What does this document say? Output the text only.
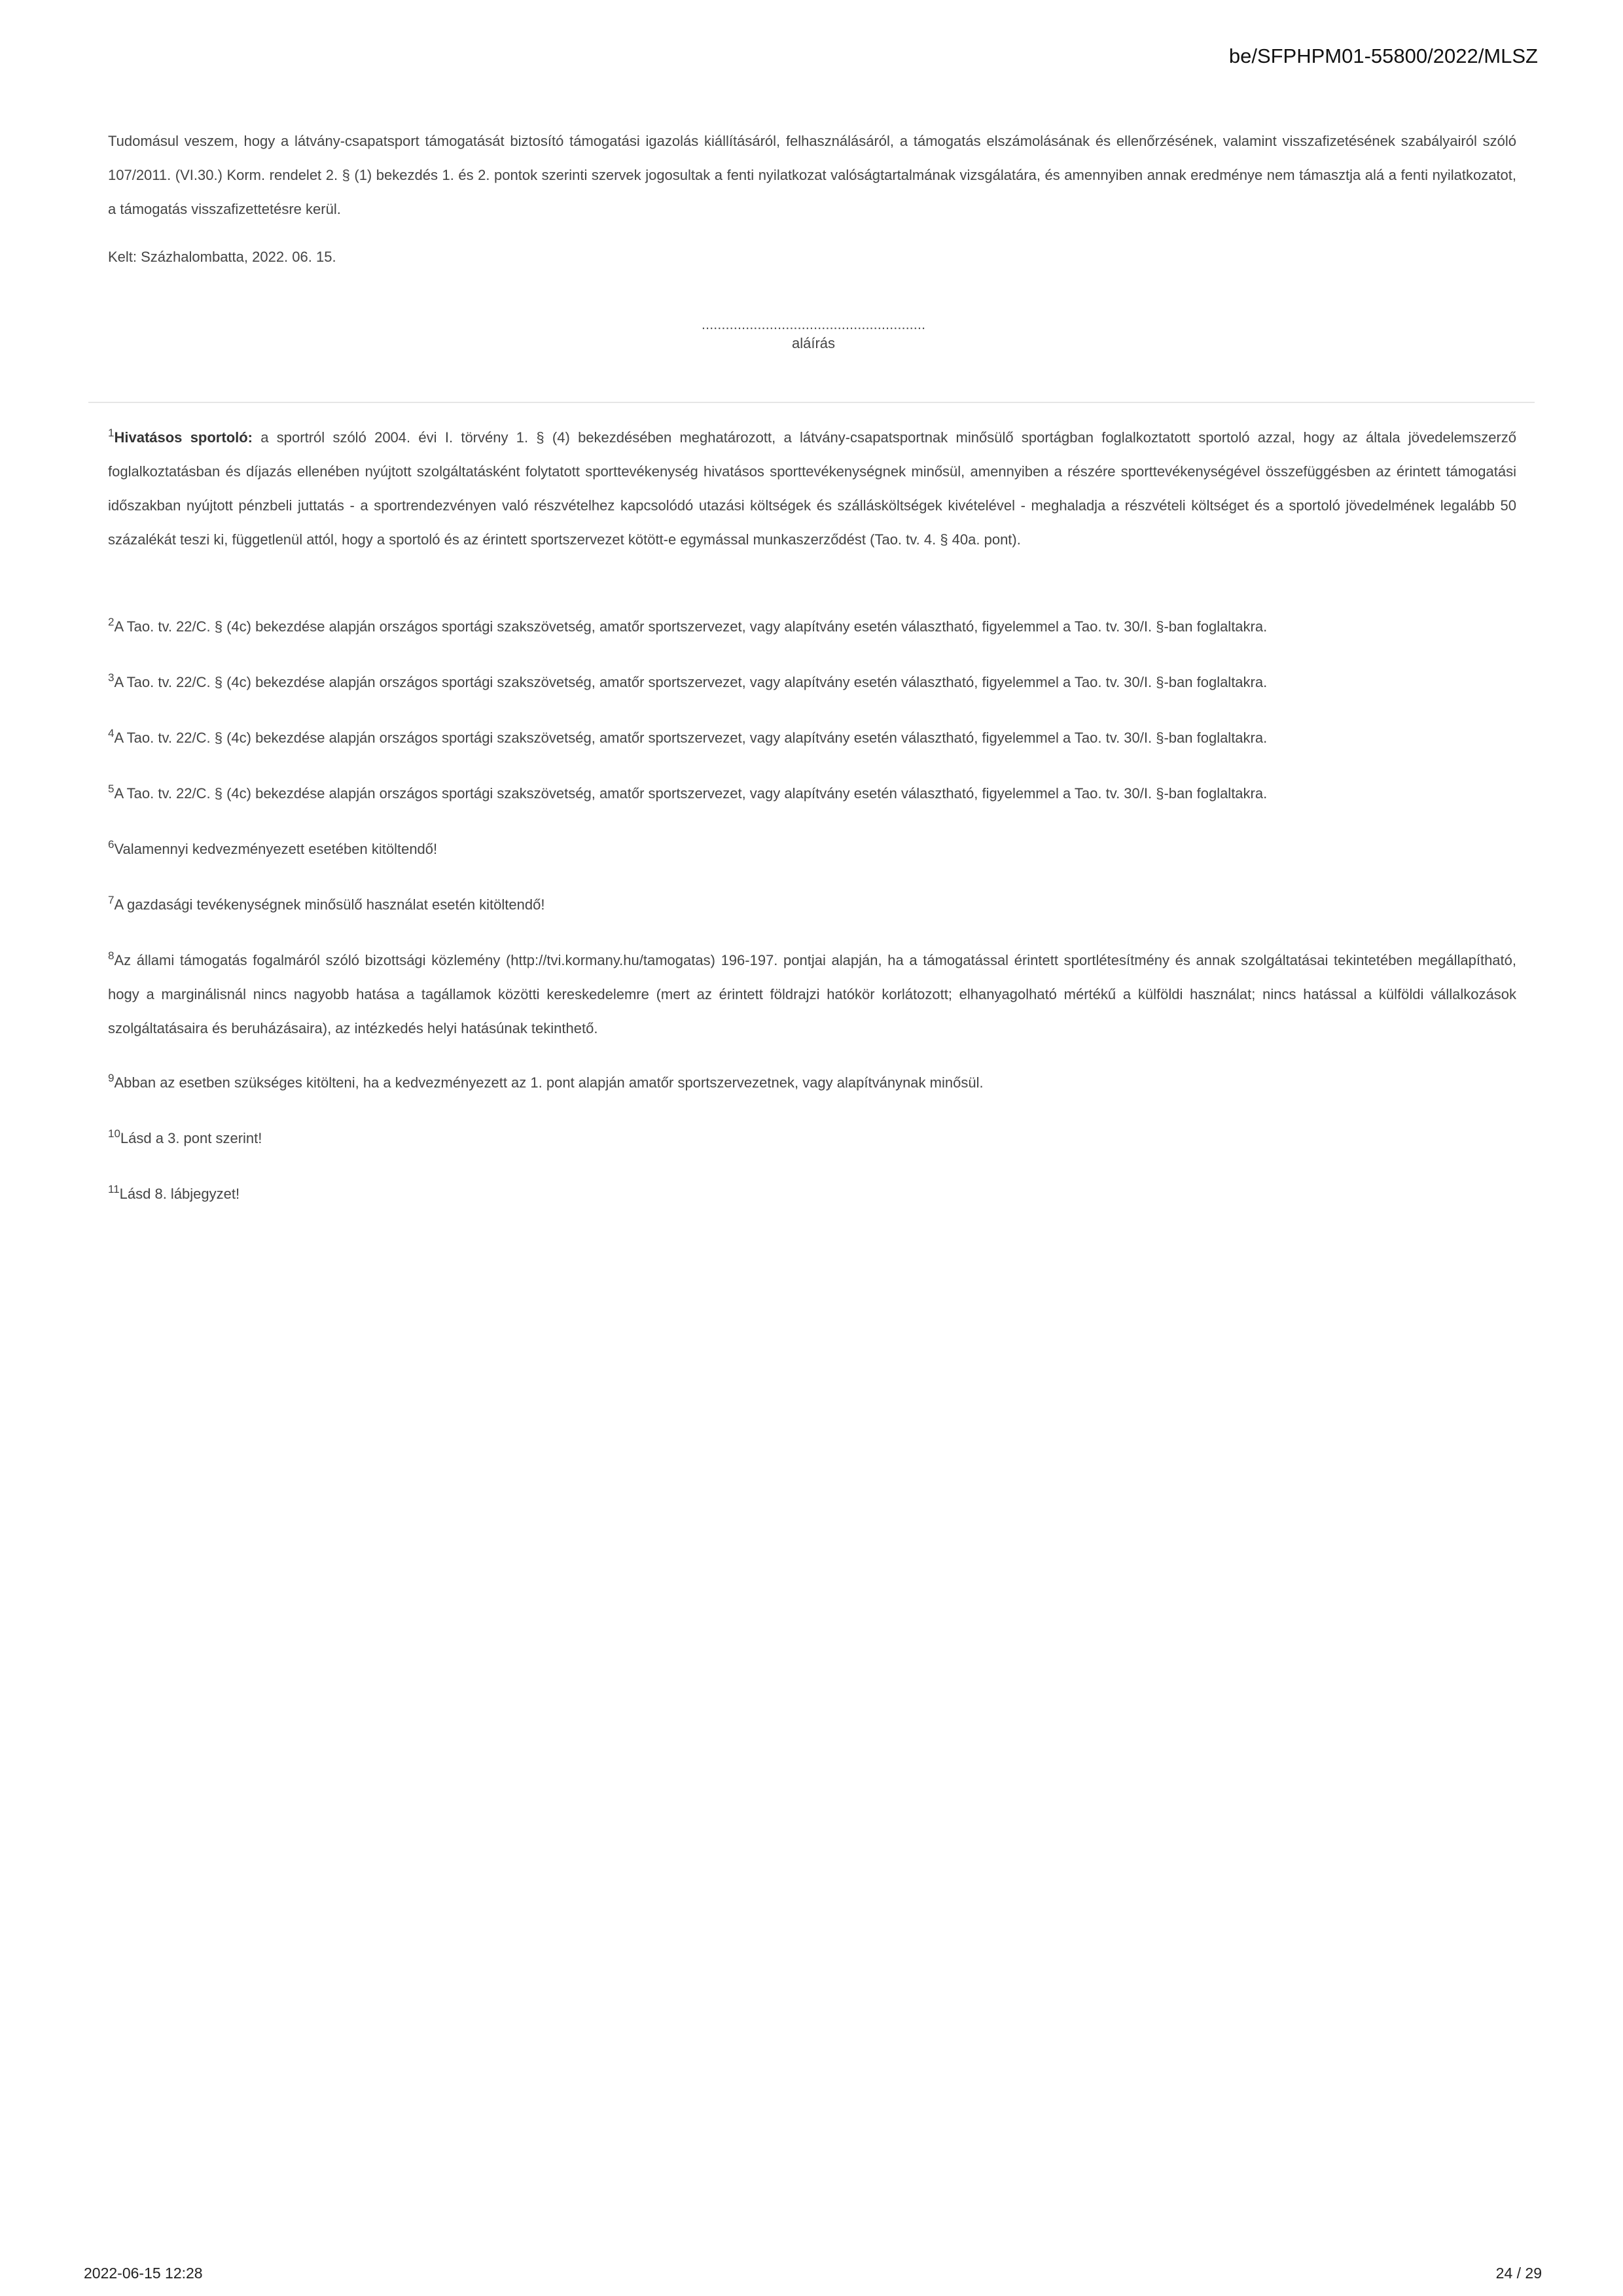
be/SFPHPM01-55800/2022/MLSZ

Tudomásul veszem, hogy a látvány-csapatsport támogatását biztosító támogatási igazolás kiállításáról, felhasználásáról, a támogatás elszámolásának és ellenőrzésének, valamint visszafizetésének szabályairól szóló 107/2011. (VI.30.) Korm. rendelet 2. § (1) bekezdés 1. és 2. pontok szerinti szervek jogosultak a fenti nyilatkozat valóságtartalmának vizsgálatára, és amennyiben annak eredménye nem támasztja alá a fenti nyilatkozatot, a támogatás visszafizettetésre kerül.

Kelt: Százhalombatta, 2022. 06. 15.
........................................................
aláírás

$^1$Hivatásos sportoló: a sportról szóló 2004. évi I. törvény 1. § (4) bekezdésében meghatározott, a látvány-csapatsportnak minősülő sportágban foglalkoztatott sportoló azzal, hogy az általa jövedelemszerző foglalkoztatásban és díjazás ellenében nyújtott szolgáltatásként folytatott sporttevékenység hivatásos sporttevékenységnek minősül, amennyiben a részére sporttevékenységével összefüggésben az érintett támogatási időszakban nyújtott pénzbeli juttatás - a sportrendezvényen való részvételhez kapcsolódó utazási költségek és szállásköltségek kivételével - meghaladja a részvételi költséget és a sportoló jövedelmének legalább 50 százalékát teszi ki, függetlenül attól, hogy a sportoló és az érintett sportszervezet kötött-e egymással munkaszerződést (Tao. tv. 4. § 40a. pont).

$^2$A Tao. tv. 22/C. § (4c) bekezdése alapján országos sportági szakszövetség, amatőr sportszervezet, vagy alapítvány esetén választható, figyelemmel a Tao. tv. 30/I. §-ban foglaltakra.

$^3$A Tao. tv. 22/C. § (4c) bekezdése alapján országos sportági szakszövetség, amatőr sportszervezet, vagy alapítvány esetén választható, figyelemmel a Tao. tv. 30/I. §-ban foglaltakra.

$^4$A Tao. tv. 22/C. § (4c) bekezdése alapján országos sportági szakszövetség, amatőr sportszervezet, vagy alapítvány esetén választható, figyelemmel a Tao. tv. 30/I. §-ban foglaltakra.

$^5$A Tao. tv. 22/C. § (4c) bekezdése alapján országos sportági szakszövetség, amatőr sportszervezet, vagy alapítvány esetén választható, figyelemmel a Tao. tv. 30/I. §-ban foglaltakra.

$^6$Valamennyi kedvezményezett esetében kitöltendő!

$^7$A gazdasági tevékenységnek minősülő használat esetén kitöltendő!

$^8$Az állami támogatás fogalmáról szóló bizottsági közlemény (http://tvi.kormany.hu/tamogatas) 196-197. pontjai alapján, ha a támogatással érintett sportlétesítmény és annak szolgáltatásai tekintetében megállapítható, hogy a marginálisnál nincs nagyobb hatása a tagállamok közötti kereskedelemre (mert az érintett földrajzi hatókör korlátozott; elhanyagolható mértékű a külföldi használat; nincs hatással a külföldi vállalkozások szolgáltatásaira és beruházásaira), az intézkedés helyi hatásúnak tekinthető.

$^9$Abban az esetben szükséges kitölteni, ha a kedvezményezett az 1. pont alapján amatőr sportszervezetnek, vagy alapítványnak minősül.

$^{10}$Lásd a 3. pont szerint!

$^{11}$Lásd 8. lábjegyzet!

2022-06-15 12:28	24 / 29
